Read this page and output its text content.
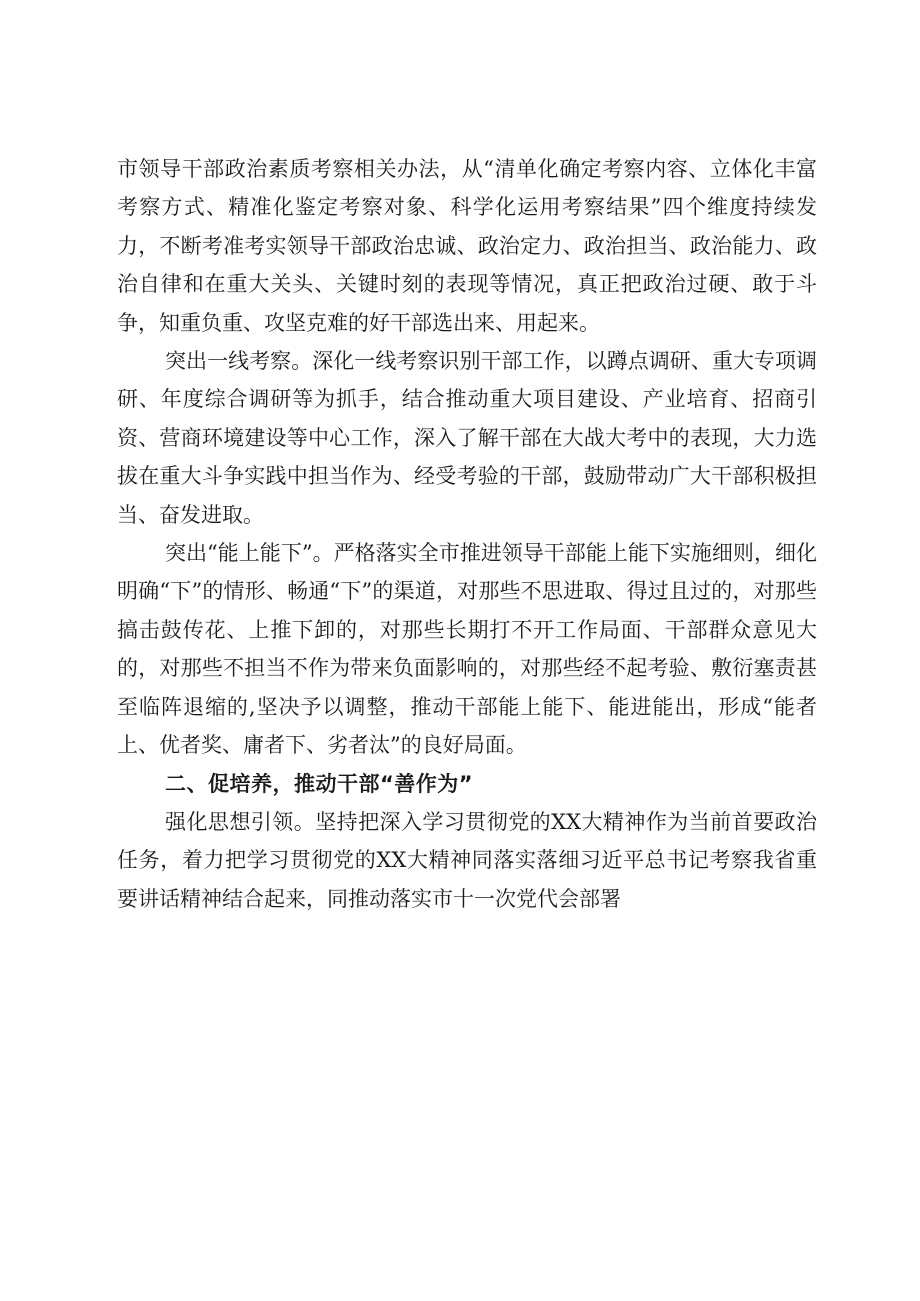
市领导干部政治素质考察相关办法，从“清单化确定考察内容、立体化丰富考察方式、精准化鉴定考察对象、科学化运用考察结果”四个维度持续发力，不断考准考实领导干部政治忠诚、政治定力、政治担当、政治能力、政治自律和在重大关头、关键时刻的表现等情况，真正把政治过硬、敢于斗争，知重负重、攻坚克难的好干部选出来、用起来。

突出一线考察。深化一线考察识别干部工作，以蹲点调研、重大专项调研、年度综合调研等为抓手，结合推动重大项目建设、产业培育、招商引资、营商环境建设等中心工作，深入了解干部在大战大考中的表现，大力选拔在重大斗争实践中担当作为、经受考验的干部，鼓励带动广大干部积极担当、奋发进取。

突出“能上能下”。严格落实全市推进领导干部能上能下实施细则，细化明确“下”的情形、畅通“下”的渠道，对那些不思进取、得过且过的，对那些搞击鼓传花、上推下卸的，对那些长期打不开工作局面、干部群众意见大的，对那些不担当不作为带来负面影响的，对那些经不起考验、敷衍塞责甚至临阵退缩的,坚决予以调整，推动干部能上能下、能进能出，形成“能者上、优者奖、庸者下、劣者汰”的良好局面。

二、促培养，推动干部“善作为”

强化思想引领。坚持把深入学习贯彻党的XX大精神作为当前首要政治任务，着力把学习贯彻党的XX大精神同落实落细习近平总书记考察我省重要讲话精神结合起来，同推动落实市十一次党代会部署
